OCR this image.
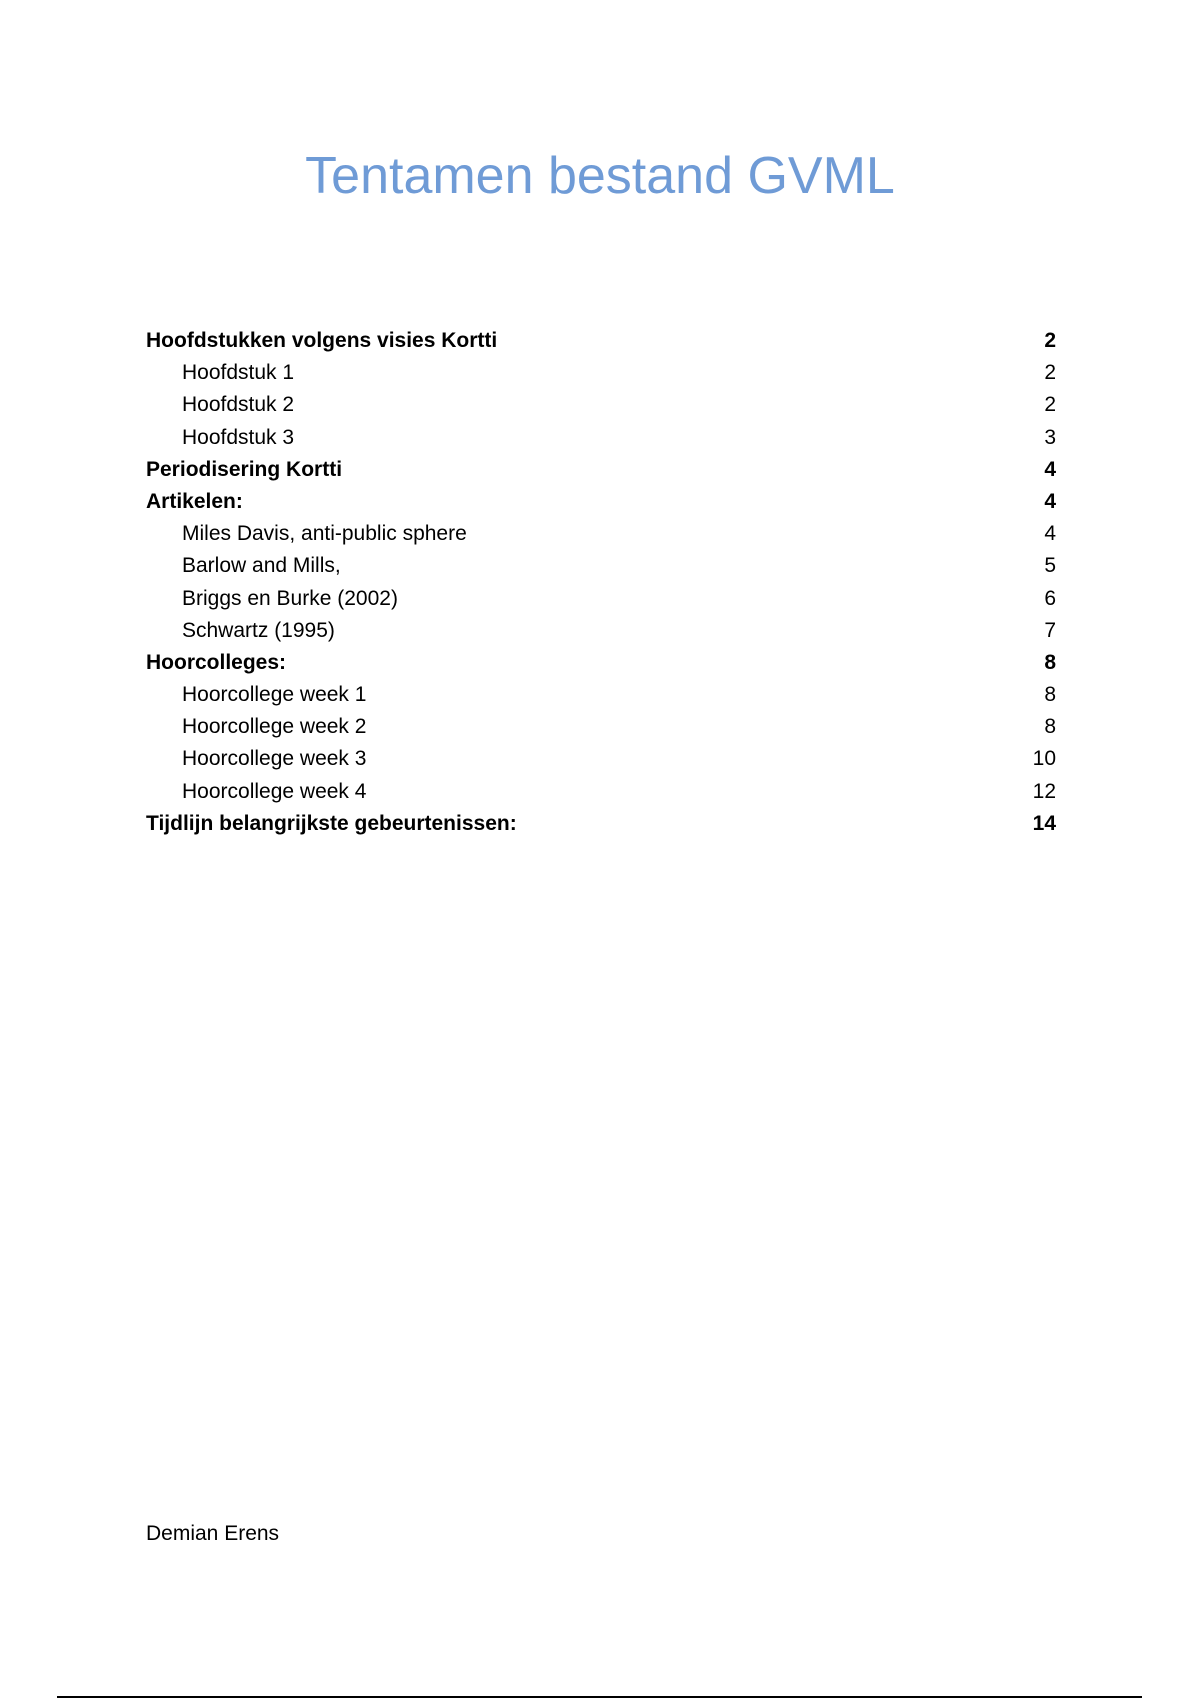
Tentamen bestand GVML
Hoofdstukken volgens visies Kortti	2
Hoofdstuk 1	2
Hoofdstuk 2	2
Hoofdstuk 3	3
Periodisering Kortti	4
Artikelen:	4
Miles Davis, anti-public sphere	4
Barlow and Mills,	5
Briggs en Burke (2002)	6
Schwartz (1995)	7
Hoorcolleges:	8
Hoorcollege week 1	8
Hoorcollege week 2	8
Hoorcollege week 3	10
Hoorcollege week 4	12
Tijdlijn belangrijkste gebeurtenissen:	14
Demian Erens
